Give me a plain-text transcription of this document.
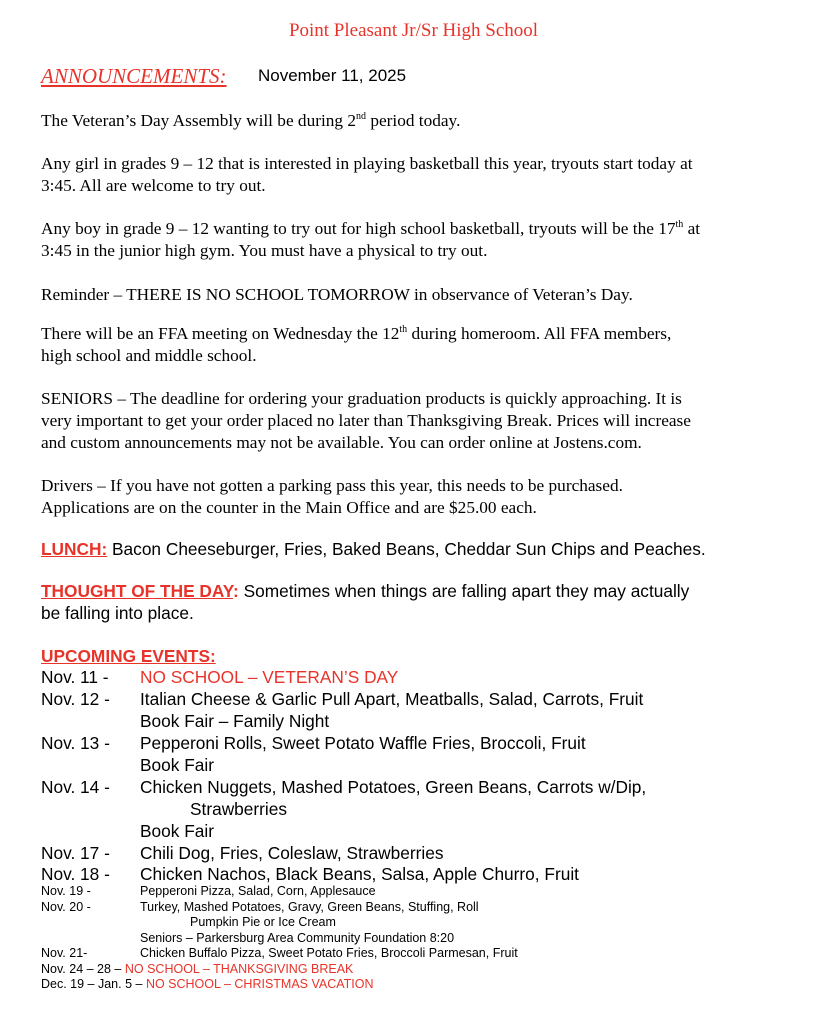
Point Pleasant Jr/Sr High School
ANNOUNCEMENTS: November 11, 2025
The Veteran’s Day Assembly will be during 2nd period today.
Any girl in grades 9 – 12 that is interested in playing basketball this year, tryouts start today at
3:45. All are welcome to try out.
Any boy in grade 9 – 12 wanting to try out for high school basketball, tryouts will be the 17th at
3:45 in the junior high gym. You must have a physical to try out.
Reminder – THERE IS NO SCHOOL TOMORROW in observance of Veteran’s Day.
There will be an FFA meeting on Wednesday the 12th during homeroom. All FFA members,
high school and middle school.
SENIORS – The deadline for ordering your graduation products is quickly approaching. It is
very important to get your order placed no later than Thanksgiving Break. Prices will increase
and custom announcements may not be available. You can order online at Jostens.com.
Drivers – If you have not gotten a parking pass this year, this needs to be purchased.
Applications are on the counter in the Main Office and are $25.00 each.
LUNCH: Bacon Cheeseburger, Fries, Baked Beans, Cheddar Sun Chips and Peaches.
THOUGHT OF THE DAY: Sometimes when things are falling apart they may actually
be falling into place.
UPCOMING EVENTS:
Nov. 11 - NO SCHOOL – VETERAN’S DAY
Nov. 12 - Italian Cheese & Garlic Pull Apart, Meatballs, Salad, Carrots, Fruit
Book Fair – Family Night
Nov. 13 - Pepperoni Rolls, Sweet Potato Waffle Fries, Broccoli, Fruit
Book Fair
Nov. 14 - Chicken Nuggets, Mashed Potatoes, Green Beans, Carrots w/Dip,
Strawberries
Book Fair
Nov. 17 - Chili Dog, Fries, Coleslaw, Strawberries
Nov. 18 - Chicken Nachos, Black Beans, Salsa, Apple Churro, Fruit
Nov. 19 -	Pepperoni Pizza, Salad, Corn, Applesauce
Nov. 20 -	Turkey, Mashed Potatoes, Gravy, Green Beans, Stuffing, Roll
Pumpkin Pie or Ice Cream
Seniors – Parkersburg Area Community Foundation 8:20
Nov. 21-	Chicken Buffalo Pizza, Sweet Potato Fries, Broccoli Parmesan, Fruit
Nov. 24 – 28 – NO SCHOOL – THANKSGIVING BREAK
Dec. 19 – Jan. 5 – NO SCHOOL – CHRISTMAS VACATION
